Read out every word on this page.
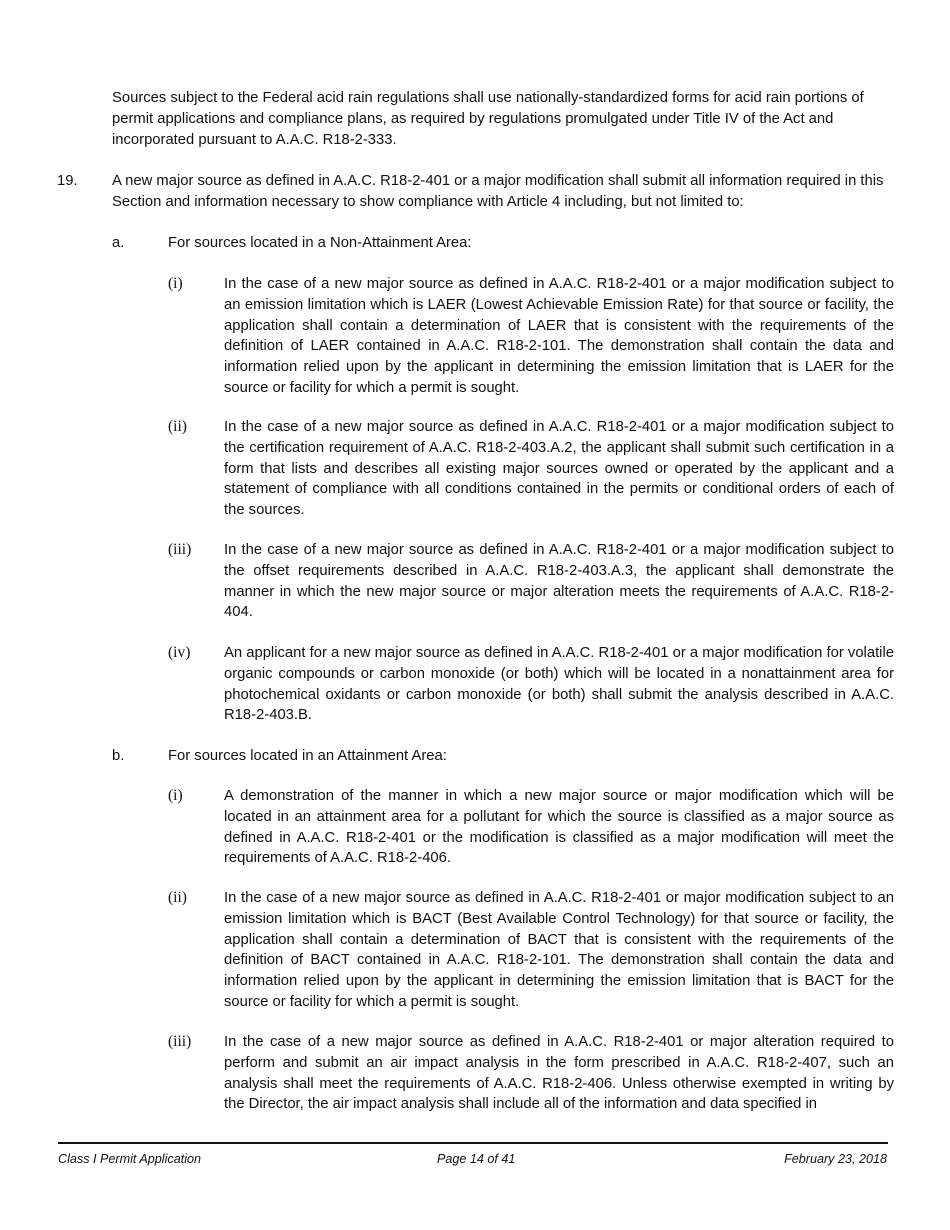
Sources subject to the Federal acid rain regulations shall use nationally-standardized forms for acid rain portions of permit applications and compliance plans, as required by regulations promulgated under Title IV of the Act and incorporated pursuant to A.A.C. R18-2-333.

19. A new major source as defined in A.A.C. R18-2-401 or a major modification shall submit all information required in this Section and information necessary to show compliance with Article 4 including, but not limited to:

a.	For sources located in a Non-Attainment Area:
(i)	In the case of a new major source as defined in A.A.C. R18-2-401 or a major modification subject to an emission limitation which is LAER (Lowest Achievable Emission Rate) for that source or facility, the application shall contain a determination of LAER that is consistent with the requirements of the definition of LAER contained in A.A.C. R18-2-101. The demonstration shall contain the data and information relied upon by the applicant in determining the emission limitation that is LAER for the source or facility for which a permit is sought.

(ii)	In the case of a new major source as defined in A.A.C. R18-2-401 or a major modification subject to the certification requirement of A.A.C. R18-2-403.A.2, the applicant shall submit such certification in a form that lists and describes all existing major sources owned or operated by the applicant and a statement of compliance with all conditions contained in the permits or conditional orders of each of the sources.

(iii) In the case of a new major source as defined in A.A.C. R18-2-401 or a major modification subject to the offset requirements described in A.A.C. R18-2-403.A.3, the applicant shall demonstrate the manner in which the new major source or major alteration meets the requirements of A.A.C. R18-2-404.

(iv) An applicant for a new major source as defined in A.A.C. R18-2-401 or a major modification for volatile organic compounds or carbon monoxide (or both) which will be located in a nonattainment area for photochemical oxidants or carbon monoxide (or both) shall submit the analysis described in A.A.C. R18-2-403.B.

b.	For sources located in an Attainment Area:
(i)	A demonstration of the manner in which a new major source or major modification which will be located in an attainment area for a pollutant for which the source is classified as a major source as defined in A.A.C. R18-2-401 or the modification is classified as a major modification will meet the requirements of A.A.C. R18-2-406.

(ii)	In the case of a new major source as defined in A.A.C. R18-2-401 or major modification subject to an emission limitation which is BACT (Best Available Control Technology) for that source or facility, the application shall contain a determination of BACT that is consistent with the requirements of the definition of BACT contained in A.A.C. R18-2-101. The demonstration shall contain the data and information relied upon by the applicant in determining the emission limitation that is BACT for the source or facility for which a permit is sought.

(iii) In the case of a new major source as defined in A.A.C. R18-2-401 or major alteration required to perform and submit an air impact analysis in the form prescribed in A.A.C. R18-2-407, such an analysis shall meet the requirements of A.A.C. R18-2-406. Unless otherwise exempted in writing by the Director, the air impact analysis shall include all of the information and data specified in

Class I Permit Application	Page 14 of 41	February 23, 2018
